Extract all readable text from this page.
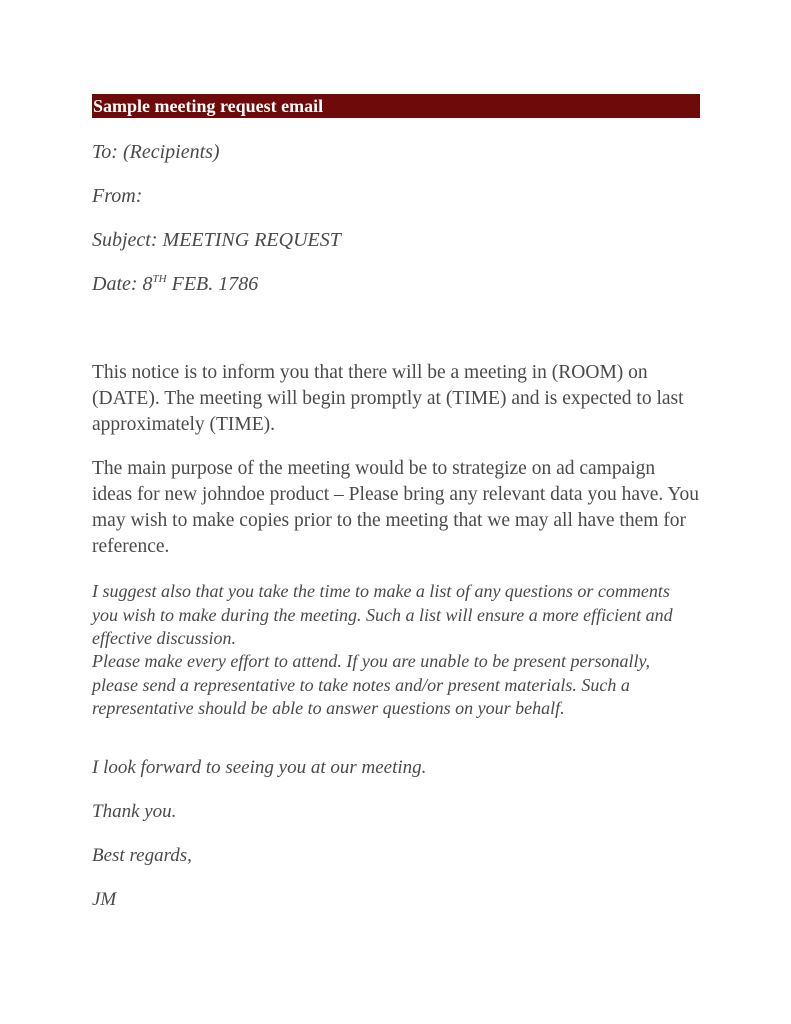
Sample meeting request email

To: (Recipients)

From:

Subject: MEETING REQUEST

Date: 8TH FEB. 1786

This notice is to inform you that there will be a meeting in (ROOM) on (DATE). The meeting will begin promptly at (TIME) and is expected to last approximately (TIME).

The main purpose of the meeting would be to strategize on ad campaign ideas for new johndoe product – Please bring any relevant data you have. You may wish to make copies prior to the meeting that we may all have them for reference.

I suggest also that you take the time to make a list of any questions or comments you wish to make during the meeting. Such a list will ensure a more efficient and effective discussion.

Please make every effort to attend. If you are unable to be present personally, please send a representative to take notes and/or present materials. Such a representative should be able to answer questions on your behalf.

I look forward to seeing you at our meeting.

Thank you.

Best regards,

JM
